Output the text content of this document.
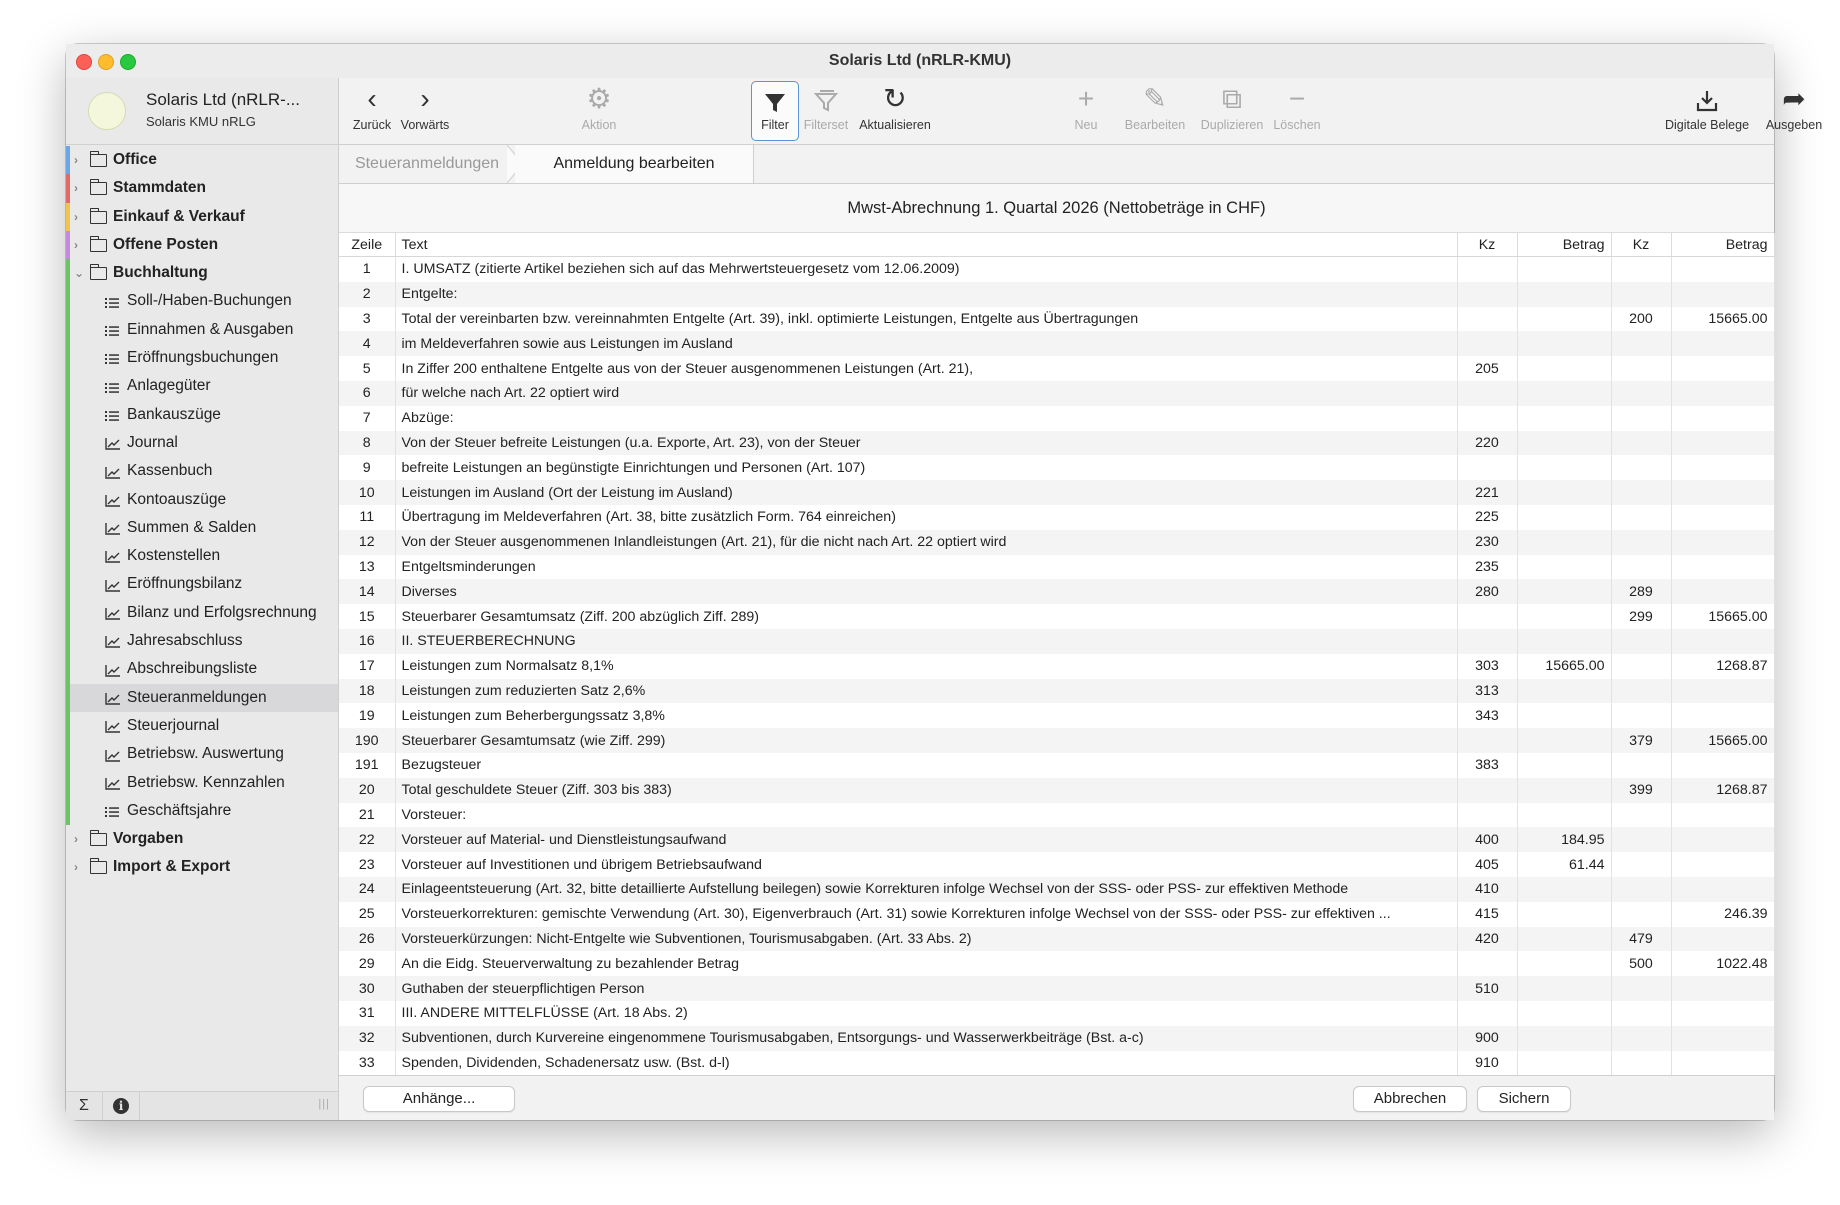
Solaris Ltd (nRLR-KMU)
Solaris Ltd (nRLR-...
Solaris KMU nRLG
› Office
› Stammdaten
› Einkauf & Verkauf
› Offene Posten
⌄ Buchhaltung
Soll-/Haben-Buchungen
Einnahmen & Ausgaben
Eröffnungsbuchungen
Anlagegüter
Bankauszüge
Journal
Kassenbuch
Kontoauszüge
Summen & Salden
Kostenstellen
Eröffnungsbilanz
Bilanz und Erfolgsrechnung
Jahresabschluss
Abschreibungsliste
Steueranmeldungen
Steuerjournal
Betriebsw. Auswertung
Betriebsw. Kennzahlen
Geschäftsjahre
› Vorgaben
› Import & Export
Σ	i	|||
‹
Zurück
›
Vorwärts
⚙
Aktion	Filter	Filterset
↻
Aktualisieren
+
Neu
✎
Bearbeiten
⧉
Duplizieren
−
Löschen	Digitale Belege
➦
Ausgeben
Steueranmeldungen	Anmeldung bearbeiten
Mwst-Abrechnung 1. Quartal 2026 (Nettobeträge in CHF)
Zeile	Text	Kz	Betrag	Kz	Betrag
1	I. UMSATZ (zitierte Artikel beziehen sich auf das Mehrwertsteuergesetz vom 12.06.2009)				
2	Entgelte:				
3	Total der vereinbarten bzw. vereinnahmten Entgelte (Art. 39), inkl. optimierte Leistungen, Entgelte aus Übertragungen			200	15665.00
4	im Meldeverfahren sowie aus Leistungen im Ausland				
5	In Ziffer 200 enthaltene Entgelte aus von der Steuer ausgenommenen Leistungen (Art. 21),	205			
6	für welche nach Art. 22 optiert wird				
7	Abzüge:				
8	Von der Steuer befreite Leistungen (u.a. Exporte, Art. 23), von der Steuer	220			
9	befreite Leistungen an begünstigte Einrichtungen und Personen (Art. 107)				
10	Leistungen im Ausland (Ort der Leistung im Ausland)	221			
11	Übertragung im Meldeverfahren (Art. 38, bitte zusätzlich Form. 764 einreichen)	225			
12	Von der Steuer ausgenommenen Inlandleistungen (Art. 21), für die nicht nach Art. 22 optiert wird	230			
13	Entgeltsminderungen	235			
14	Diverses	280		289	
15	Steuerbarer Gesamtumsatz (Ziff. 200 abzüglich Ziff. 289)			299	15665.00
16	II. STEUERBERECHNUNG				
17	Leistungen zum Normalsatz 8,1%	303	15665.00		1268.87
18	Leistungen zum reduzierten Satz 2,6%	313			
19	Leistungen zum Beherbergungssatz 3,8%	343			
190	Steuerbarer Gesamtumsatz (wie Ziff. 299)			379	15665.00
191	Bezugsteuer	383			
20	Total geschuldete Steuer (Ziff. 303 bis 383)			399	1268.87
21	Vorsteuer:				
22	Vorsteuer auf Material- und Dienstleistungsaufwand	400	184.95		
23	Vorsteuer auf Investitionen und übrigem Betriebsaufwand	405	61.44		
24	Einlageentsteuerung (Art. 32, bitte detaillierte Aufstellung beilegen) sowie Korrekturen infolge Wechsel von der SSS- oder PSS- zur effektiven Methode	410			
25	Vorsteuerkorrekturen: gemischte Verwendung (Art. 30), Eigenverbrauch (Art. 31) sowie Korrekturen infolge Wechsel von der SSS- oder PSS- zur effektiven ...	415			246.39
26	Vorsteuerkürzungen: Nicht-Entgelte wie Subventionen, Tourismusabgaben. (Art. 33 Abs. 2)	420		479	
29	An die Eidg. Steuerverwaltung zu bezahlender Betrag			500	1022.48
30	Guthaben der steuerpflichtigen Person	510			
31	III. ANDERE MITTELFLÜSSE (Art. 18 Abs. 2)				
32	Subventionen, durch Kurvereine eingenommene Tourismusabgaben, Entsorgungs- und Wasserwerkbeiträge (Bst. a-c)	900			
33	Spenden, Dividenden, Schadenersatz usw. (Bst. d-l)	910			
Anhänge...	Abbrechen	Sichern
